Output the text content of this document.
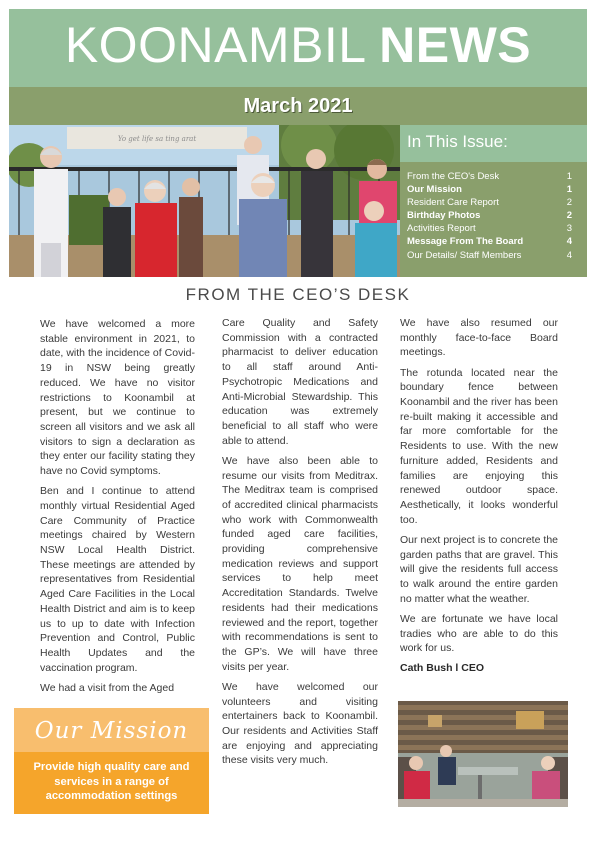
KOONAMBIL NEWS
March 2021
Yo get life sa ting arat	In This Issue:
From the CEO's Desk	1
Our Mission	1
Resident Care Report	2
Birthday Photos	2
Activities Report	3
Message From The Board	4
Our Details/ Staff Members	4
FROM THE CEO’S DESK

We have welcomed a more stable environment in 2021, to date, with the incidence of Covid-19 in NSW being greatly reduced. We have no visitor restrictions to Koonambil at present, but we continue to screen all visitors and we ask all visitors to sign a declaration as they enter our facility stating they have no Covid symptoms.

Ben and I continue to attend monthly virtual Residential Aged Care Community of Practice meetings chaired by Western NSW Local Health District. These meetings are attended by representatives from Residential Aged Care Facilities in the Local Health District and aim is to keep us to up to date with Infection Prevention and Control, Public Health Updates and the vaccination program.

We had a visit from the Aged

Care Quality and Safety Commission with a contracted pharmacist to deliver education to all staff around Anti-Psychotropic Medications and Anti-Microbial Stewardship. This education was extremely beneficial to all staff who were able to attend.

We have also been able to resume our visits from Meditrax. The Meditrax team is comprised of accredited clinical pharmacists who work with Commonwealth funded aged care facilities, providing comprehensive medication reviews and support services to help meet Accreditation Standards. Twelve residents had their medications reviewed and the report, together with recommendations is sent to the GP’s. We will have three visits per year.

We have welcomed our volunteers and visiting entertainers back to Koonambil. Our residents and Activities Staff are enjoying and appreciating these visits very much.

We have also resumed our monthly face-to-face Board meetings.

The rotunda located near the boundary fence between Koonambil and the river has been re-built making it accessible and far more comfortable for the Residents to use. With the new furniture added, Residents and families are enjoying this renewed outdoor space. Aesthetically, it looks wonderful too.

Our next project is to concrete the garden paths that are gravel. This will give the residents full access to walk around the entire garden no matter what the weather.

We are fortunate we have local tradies who are able to do this work for us.

Cath Bush l CEO

Our Mission
Provide high quality care and services in a range of accommodation settings
